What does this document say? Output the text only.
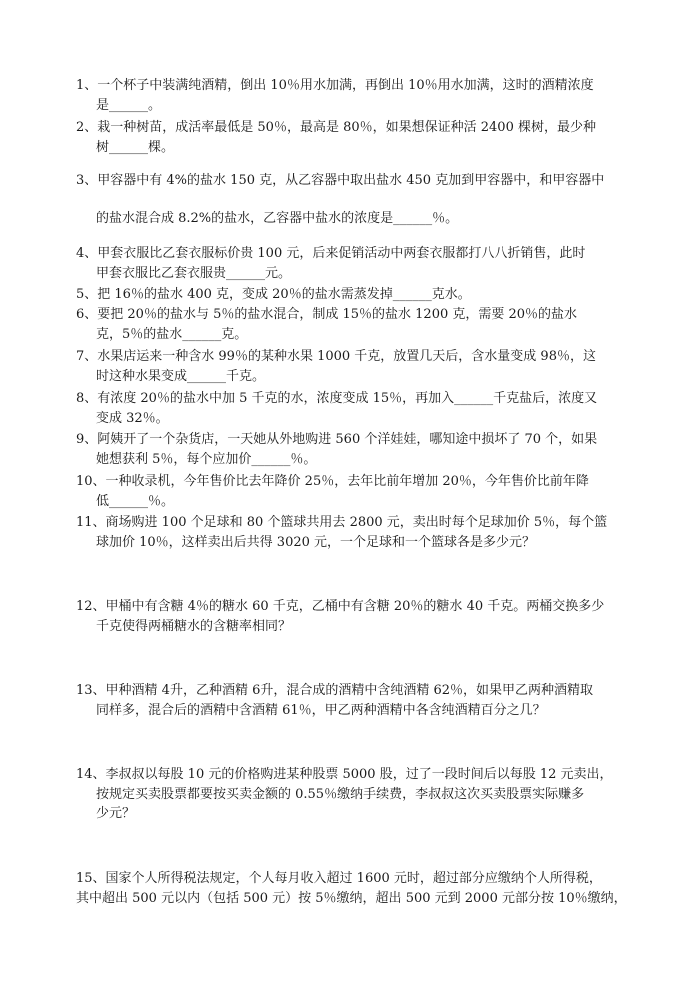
1、一个杯子中装满纯酒精，倒出 10％用水加满，再倒出 10％用水加满，这时的酒精浓度
是______。
2、栽一种树苗，成活率最低是 50％，最高是 80％，如果想保证种活 2400 棵树，最少种
树______棵。
3、甲容器中有 4%的盐水 150 克，从乙容器中取出盐水 450 克加到甲容器中，和甲容器中
的盐水混合成 8.2%的盐水，乙容器中盐水的浓度是______％。
4、甲套衣服比乙套衣服标价贵 100 元，后来促销活动中两套衣服都打八八折销售，此时
甲套衣服比乙套衣服贵______元。
5、把 16％的盐水 400 克，变成 20％的盐水需蒸发掉______克水。
6、要把 20％的盐水与 5％的盐水混合，制成 15％的盐水 1200 克，需要 20％的盐水
克，5％的盐水______克。
7、水果店运来一种含水 99％的某种水果 1000 千克，放置几天后，含水量变成 98％，这
时这种水果变成______千克。
8、有浓度 20％的盐水中加 5 千克的水，浓度变成 15％，再加入______千克盐后，浓度又
变成 32％。
9、阿姨开了一个杂货店，一天她从外地购进 560 个洋娃娃，哪知途中损坏了 70 个，如果
她想获利 5％，每个应加价______％。
10、一种收录机，今年售价比去年降价 25％，去年比前年增加 20％，今年售价比前年降
低______％。
11、商场购进 100 个足球和 80 个篮球共用去 2800 元，卖出时每个足球加价 5％，每个篮
球加价 10％，这样卖出后共得 3020 元，一个足球和一个篮球各是多少元？
12、甲桶中有含糖 4％的糖水 60 千克，乙桶中有含糖 20％的糖水 40 千克。两桶交换多少
千克使得两桶糖水的含糖率相同？
13、甲种酒精 4升，乙种酒精 6升，混合成的酒精中含纯酒精 62％，如果甲乙两种酒精取
同样多，混合后的酒精中含酒精 61％，甲乙两种酒精中各含纯酒精百分之几？
14、李叔叔以每股 10 元的价格购进某种股票 5000 股，过了一段时间后以每股 12 元卖出，
按规定买卖股票都要按买卖金额的 0.55％缴纳手续费，李叔叔这次买卖股票实际赚多
少元？
15、国家个人所得税法规定，个人每月收入超过 1600 元时，超过部分应缴纳个人所得税，
其中超出 500 元以内（包括 500 元）按 5％缴纳，超出 500 元到 2000 元部分按 10％缴纳，
